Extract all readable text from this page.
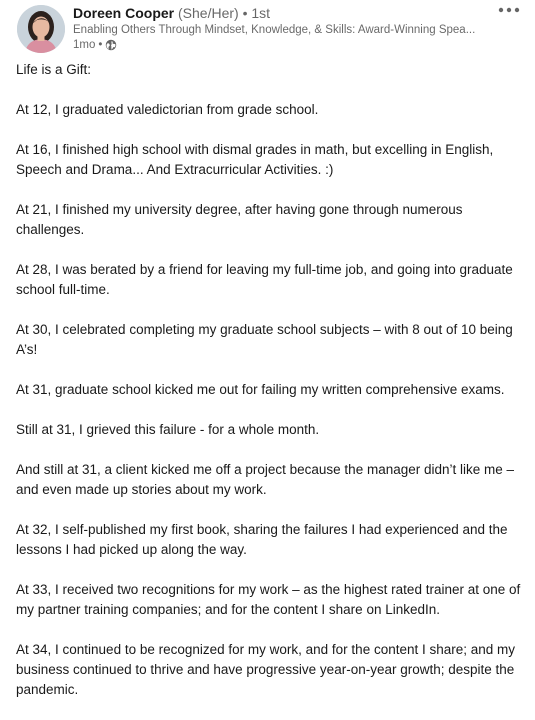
Doreen Cooper (She/Her) • 1st
Enabling Others Through Mindset, Knowledge, & Skills: Award-Winning Spea...
1mo •

Life is a Gift:

At 12, I graduated valedictorian from grade school.

At 16, I finished high school with dismal grades in math, but excelling in English, Speech and Drama... And Extracurricular Activities. :)

At 21, I finished my university degree, after having gone through numerous challenges.

At 28, I was berated by a friend for leaving my full-time job, and going into graduate school full-time.

At 30, I celebrated completing my graduate school subjects – with 8 out of 10 being A’s!

At 31, graduate school kicked me out for failing my written comprehensive exams.

Still at 31, I grieved this failure - for a whole month.

And still at 31, a client kicked me off a project because the manager didn’t like me – and even made up stories about my work.

At 32, I self-published my first book, sharing the failures I had experienced and the lessons I had picked up along the way.

At 33, I received two recognitions for my work – as the highest rated trainer at one of my partner training companies; and for the content I share on LinkedIn.

At 34, I continued to be recognized for my work, and for the content I share; and my business continued to thrive and have progressive year-on-year growth; despite the pandemic.
